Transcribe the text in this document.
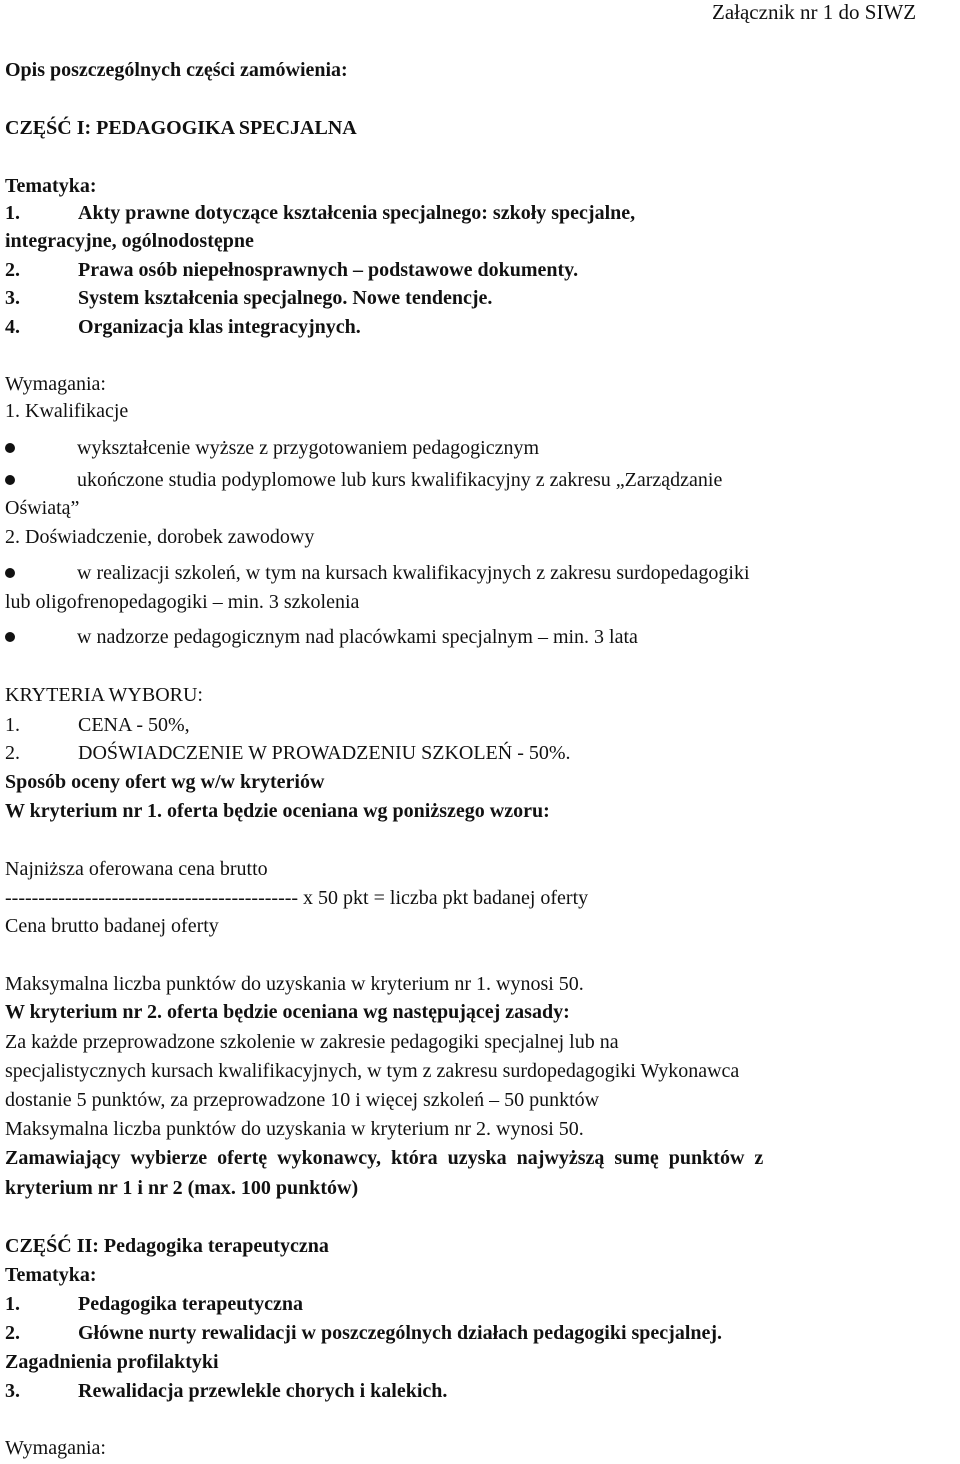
Załącznik nr 1 do SIWZ
Opis poszczególnych części zamówienia:
CZĘŚĆ I: PEDAGOGIKA SPECJALNA
Tematyka:
1.	Akty prawne dotyczące kształcenia specjalnego: szkoły specjalne,
integracyjne, ogólnodostępne
2.	Prawa osób niepełnosprawnych – podstawowe dokumenty.
3.	System kształcenia specjalnego. Nowe tendencje.
4.	Organizacja klas integracyjnych.
Wymagania:
1. Kwalifikacje
wykształcenie wyższe z przygotowaniem pedagogicznym
ukończone studia podyplomowe lub kurs kwalifikacyjny z zakresu „Zarządzanie
Oświatą”
2. Doświadczenie, dorobek zawodowy
w realizacji szkoleń, w tym na kursach kwalifikacyjnych z zakresu surdopedagogiki
lub oligofrenopedagogiki – min. 3 szkolenia
w nadzorze pedagogicznym nad placówkami specjalnym – min. 3 lata
KRYTERIA WYBORU:
1.	CENA - 50%,
2.	DOŚWIADCZENIE W PROWADZENIU SZKOLEŃ - 50%.
Sposób oceny ofert wg w/w kryteriów
W kryterium nr 1. oferta będzie oceniana wg poniższego wzoru:
Najniższa oferowana cena brutto
-------------------------------------------- x 50 pkt = liczba pkt badanej oferty
Cena brutto badanej oferty
Maksymalna liczba punktów do uzyskania w kryterium nr 1. wynosi 50.
W kryterium nr 2. oferta będzie oceniana wg następującej zasady:
Za każde przeprowadzone szkolenie w zakresie pedagogiki specjalnej lub na
specjalistycznych kursach kwalifikacyjnych, w tym z zakresu surdopedagogiki Wykonawca
dostanie 5 punktów, za przeprowadzone 10 i więcej szkoleń – 50 punktów
Maksymalna liczba punktów do uzyskania w kryterium nr 2. wynosi 50.
Zamawiający wybierze ofertę wykonawcy, która uzyska najwyższą sumę punktów z
kryterium nr 1 i nr 2 (max. 100 punktów)
CZĘŚĆ II: Pedagogika terapeutyczna
Tematyka:
1.	Pedagogika terapeutyczna
2.	Główne nurty rewalidacji w poszczególnych działach pedagogiki specjalnej.
Zagadnienia profilaktyki
3.	Rewalidacja przewlekle chorych i kalekich.
Wymagania:
